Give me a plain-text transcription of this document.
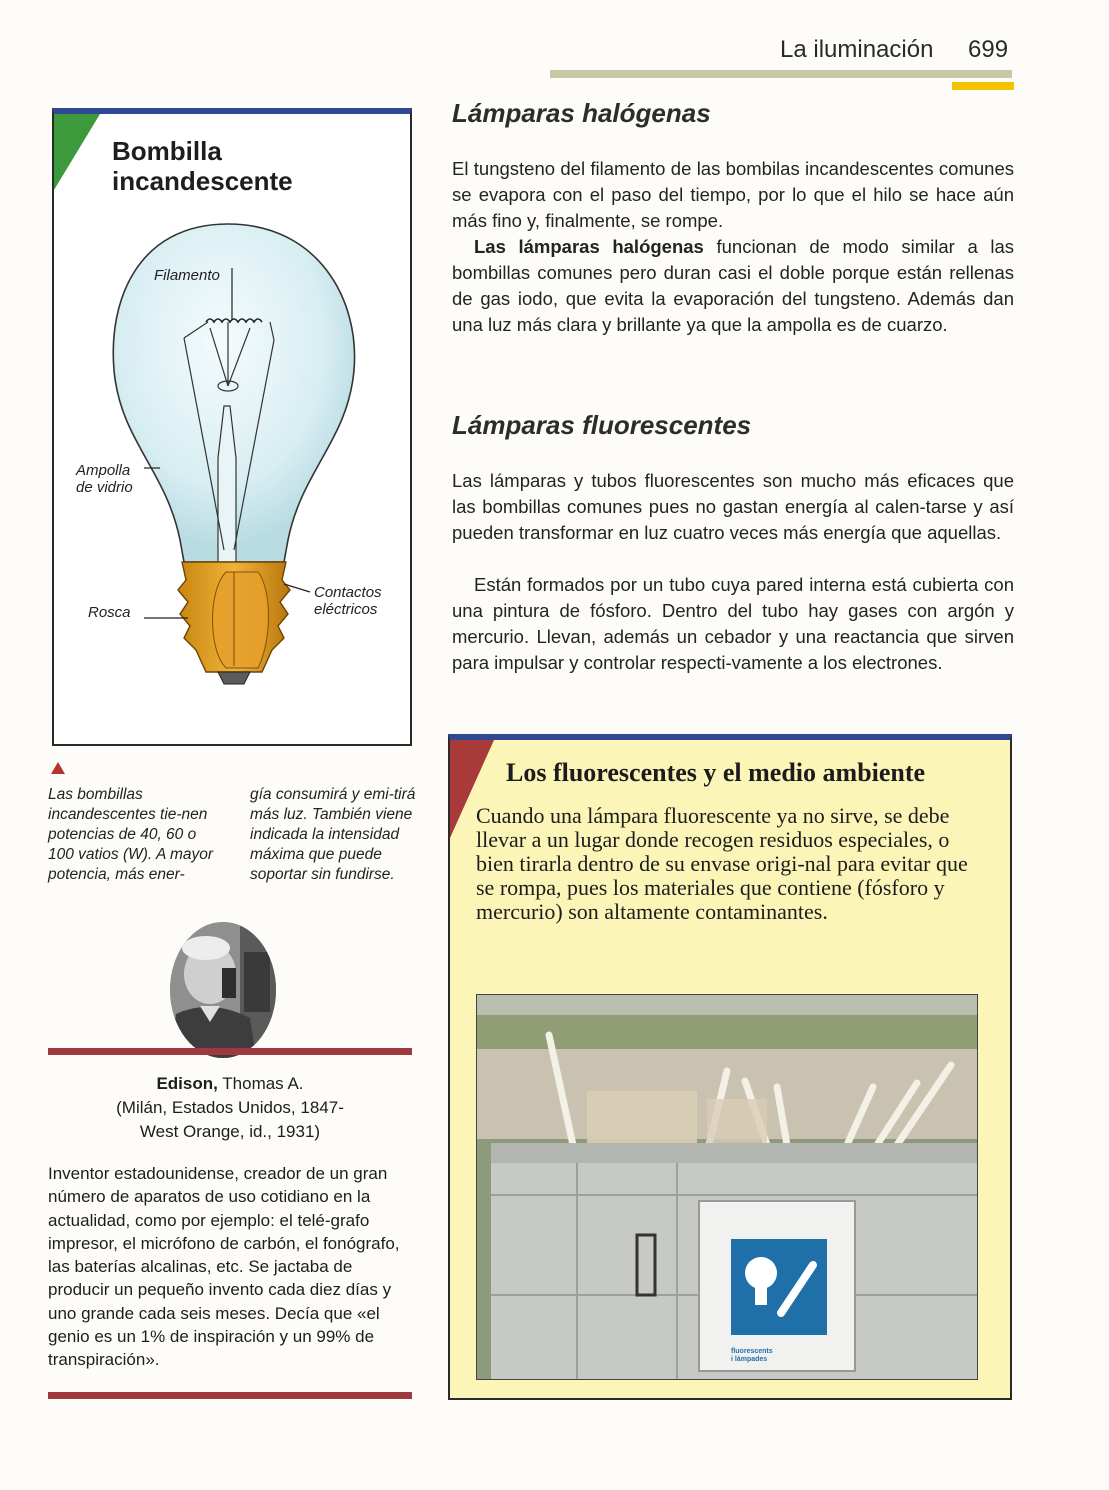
La iluminación 699
Bombilla
incandescente
Filamento
Ampolla
de vidrio
Rosca
Contactos
eléctricos
Las bombillas incandescentes tie-nen potencias de 40, 60 o 100 vatios (W). A mayor potencia, más ener-
gía consumirá y emi-tirá más luz. También viene indicada la intensidad máxima que puede soportar sin fundirse.
Edison, Thomas A.
(Milán, Estados Unidos, 1847-
West Orange, id., 1931)
Inventor estadounidense, creador de un gran número de aparatos de uso cotidiano en la actualidad, como por ejemplo: el telé-grafo impresor, el micrófono de carbón, el fonógrafo, las baterías alcalinas, etc. Se jactaba de producir un pequeño invento cada diez días y uno grande cada seis meses. Decía que «el genio es un 1% de inspiración y un 99% de transpiración».
Lámparas halógenas
El tungsteno del filamento de las bombilas incandescentes comunes se evapora con el paso del tiempo, por lo que el hilo se hace aún más fino y, finalmente, se rompe.
Las lámparas halógenas funcionan de modo similar a las bombillas comunes pero duran casi el doble porque están rellenas de gas iodo, que evita la evaporación del tungsteno. Además dan una luz más clara y brillante ya que la ampolla es de cuarzo.
Lámparas fluorescentes
Las lámparas y tubos fluorescentes son mucho más eficaces que las bombillas comunes pues no gastan energía al calen-tarse y así pueden transformar en luz cuatro veces más energía que aquellas.
Están formados por un tubo cuya pared interna está cubierta con una pintura de fósforo. Dentro del tubo hay gases con argón y mercurio. Llevan, además un cebador y una reactancia que sirven para impulsar y controlar respecti-vamente a los electrones.
Los fluorescentes y el medio ambiente
Cuando una lámpara fluorescente ya no sirve, se debe llevar a un lugar donde recogen residuos especiales, o bien tirarla dentro de su envase origi-nal para evitar que se rompa, pues los materiales que contiene (fósforo y mercurio) son altamente contaminantes.
fluorescents
i làmpades
